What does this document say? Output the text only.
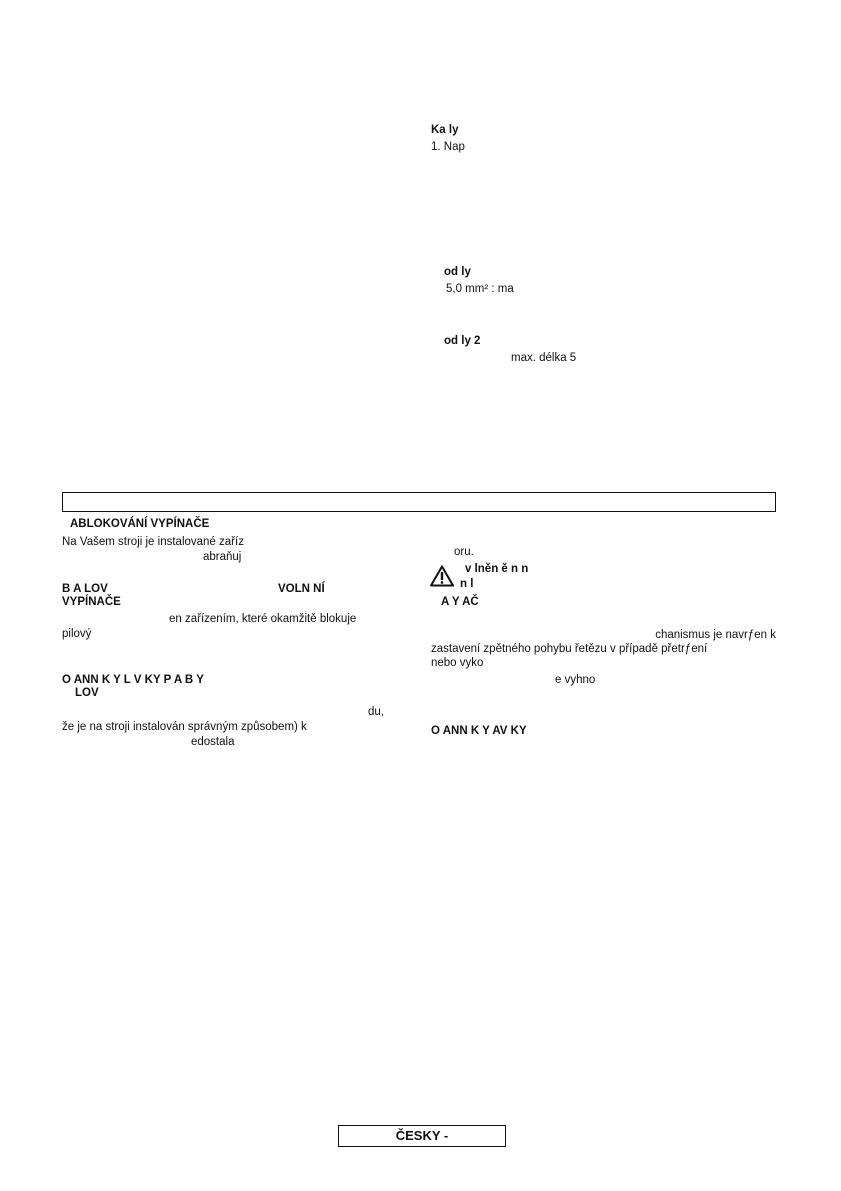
Ka ly
1. Nap
od ly
5,0 mm² : ma
od ly 2
max. délka 5
ABLOKOVÁNÍ VYPÍNAČE
Na Vašem stroji je instalované zaříz
abraňuj
B A LOV	VOLN NÍ
VYPÍNAČE
en zařízením, které okamžitě blokuje
pilový
O ANN K Y L V KY P A B Y
LOV
du,
že je na stroji instalován správným způsobem) k
edostala
oru.
v lněn ě n n
n l
A Y AČ
chanismus je navrƒen k
zastavení zpětného pohybu řetězu v případě přetrƒení
nebo vyko
e vyhno
O ANN K Y AV KY
ČESKY -
